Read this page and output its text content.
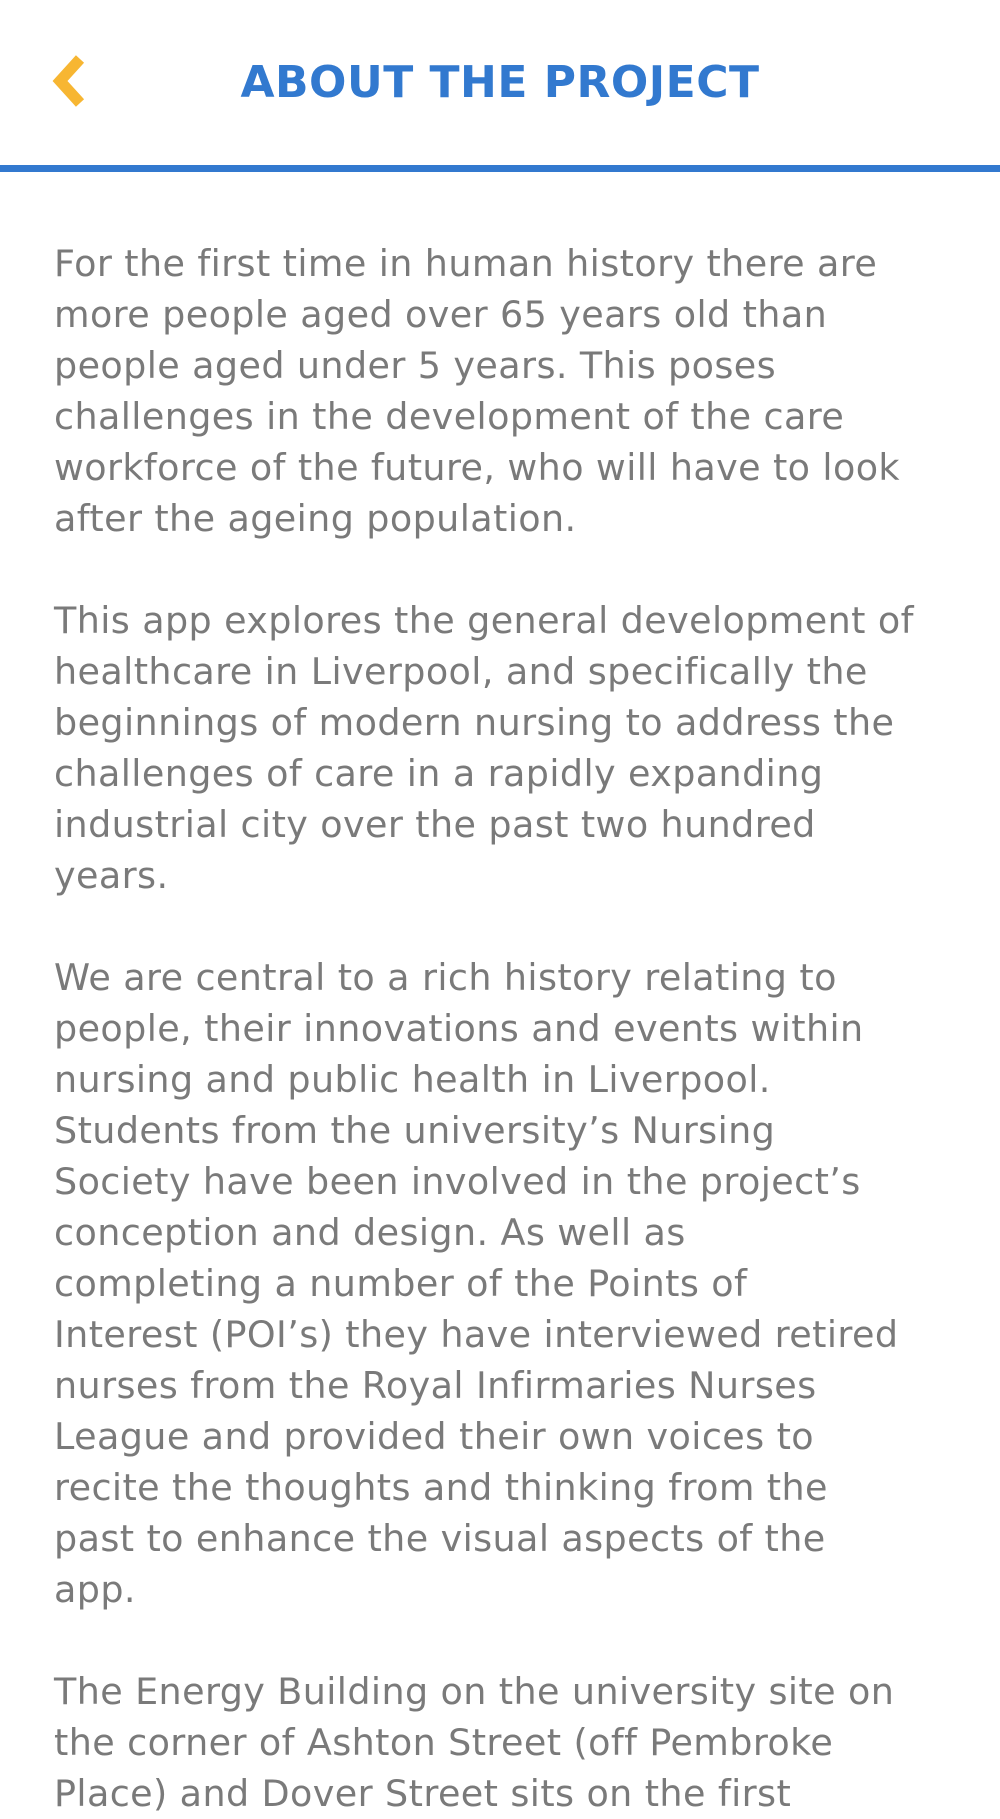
ABOUT THE PROJECT

For the first time in human history there are
more people aged over 65 years old than
people aged under 5 years. This poses
challenges in the development of the care
workforce of the future, who will have to look
after the ageing population.

This app explores the general development of
healthcare in Liverpool, and specifically the
beginnings of modern nursing to address the
challenges of care in a rapidly expanding
industrial city over the past two hundred
years.

We are central to a rich history relating to
people, their innovations and events within
nursing and public health in Liverpool.
Students from the university’s Nursing
Society have been involved in the project’s
conception and design. As well as
completing a number of the Points of
Interest (POI’s) they have interviewed retired
nurses from the Royal Infirmaries Nurses
League and provided their own voices to
recite the thoughts and thinking from the
past to enhance the visual aspects of the
app.

The Energy Building on the university site on
the corner of Ashton Street (off Pembroke
Place) and Dover Street sits on the first
